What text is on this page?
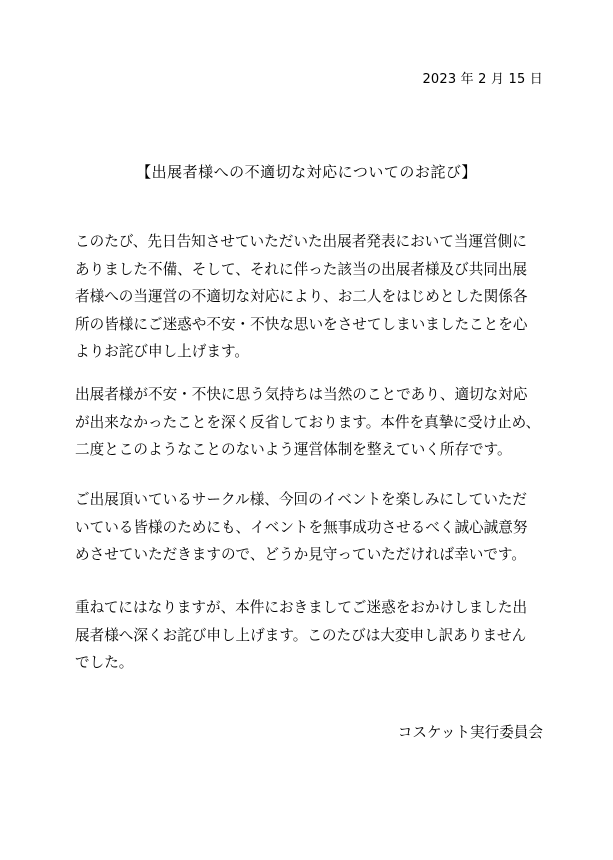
2023 年 2 月 15 日
【出展者様への不適切な対応についてのお詫び】

このたび、先日告知させていただいた出展者発表において当運営側に
ありました不備、そして、それに伴った該当の出展者様及び共同出展
者様への当運営の不適切な対応により、お二人をはじめとした関係各
所の皆様にご迷惑や不安・不快な思いをさせてしまいましたことを心
よりお詫び申し上げます。

出展者様が不安・不快に思う気持ちは当然のことであり、適切な対応
が出来なかったことを深く反省しております。本件を真摯に受け止め、
二度とこのようなことのないよう運営体制を整えていく所存です。

ご出展頂いているサークル様、今回のイベントを楽しみにしていただ
いている皆様のためにも、イベントを無事成功させるべく誠心誠意努
めさせていただきますので、どうか見守っていただければ幸いです。

重ねてにはなりますが、本件におきましてご迷惑をおかけしました出
展者様へ深くお詫び申し上げます。このたびは大変申し訳ありません
でした。

コスケット実行委員会
